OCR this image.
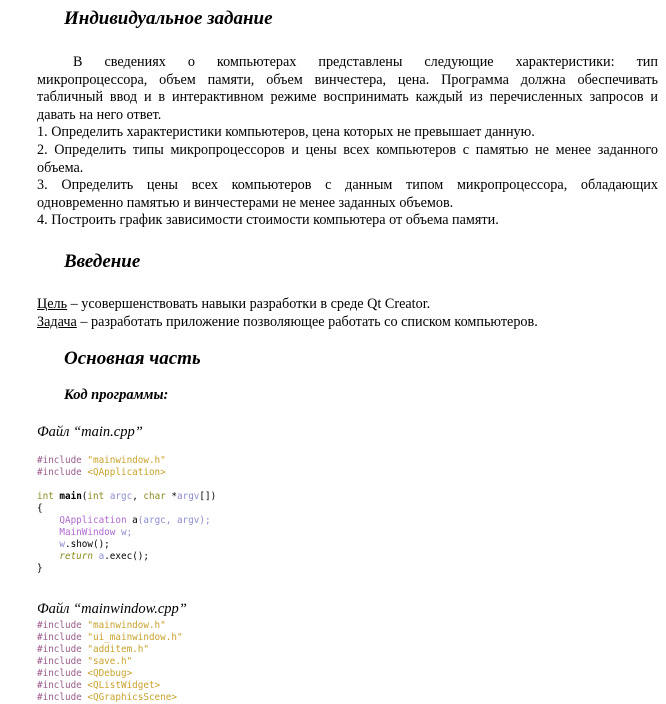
Индивидуальное задание
В сведениях о компьютерах представлены следующие характеристики: тип
микропроцессора, объем памяти, объем винчестера, цена. Программа должна обеспечивать
табличный ввод и в интерактивном режиме воспринимать каждый из перечисленных запросов и
давать на него ответ.
1. Определить характеристики компьютеров, цена которых не превышает данную.
2. Определить типы микропроцессоров и цены всех компьютеров с памятью не менее заданного
объема.
3. Определить цены всех компьютеров с данным типом микропроцессора, обладающих
одновременно памятью и винчестерами не менее заданных объемов.
4. Построить график зависимости стоимости компьютера от объема памяти.
Введение
Цель – усовершенствовать навыки разработки в среде Qt Creator.
Задача – разработать приложение позволяющее работать со списком компьютеров.
Основная часть
Код программы:
Файл “main.cpp”
#include "mainwindow.h"
#include <QApplication>

int main(int argc, char *argv[])
{
QApplication a(argc, argv);
MainWindow w;
w.show();
return a.exec();
}
Файл “mainwindow.cpp”
#include "mainwindow.h"
#include "ui_mainwindow.h"
#include "additem.h"
#include "save.h"
#include <QDebug>
#include <QListWidget>
#include <QGraphicsScene>
